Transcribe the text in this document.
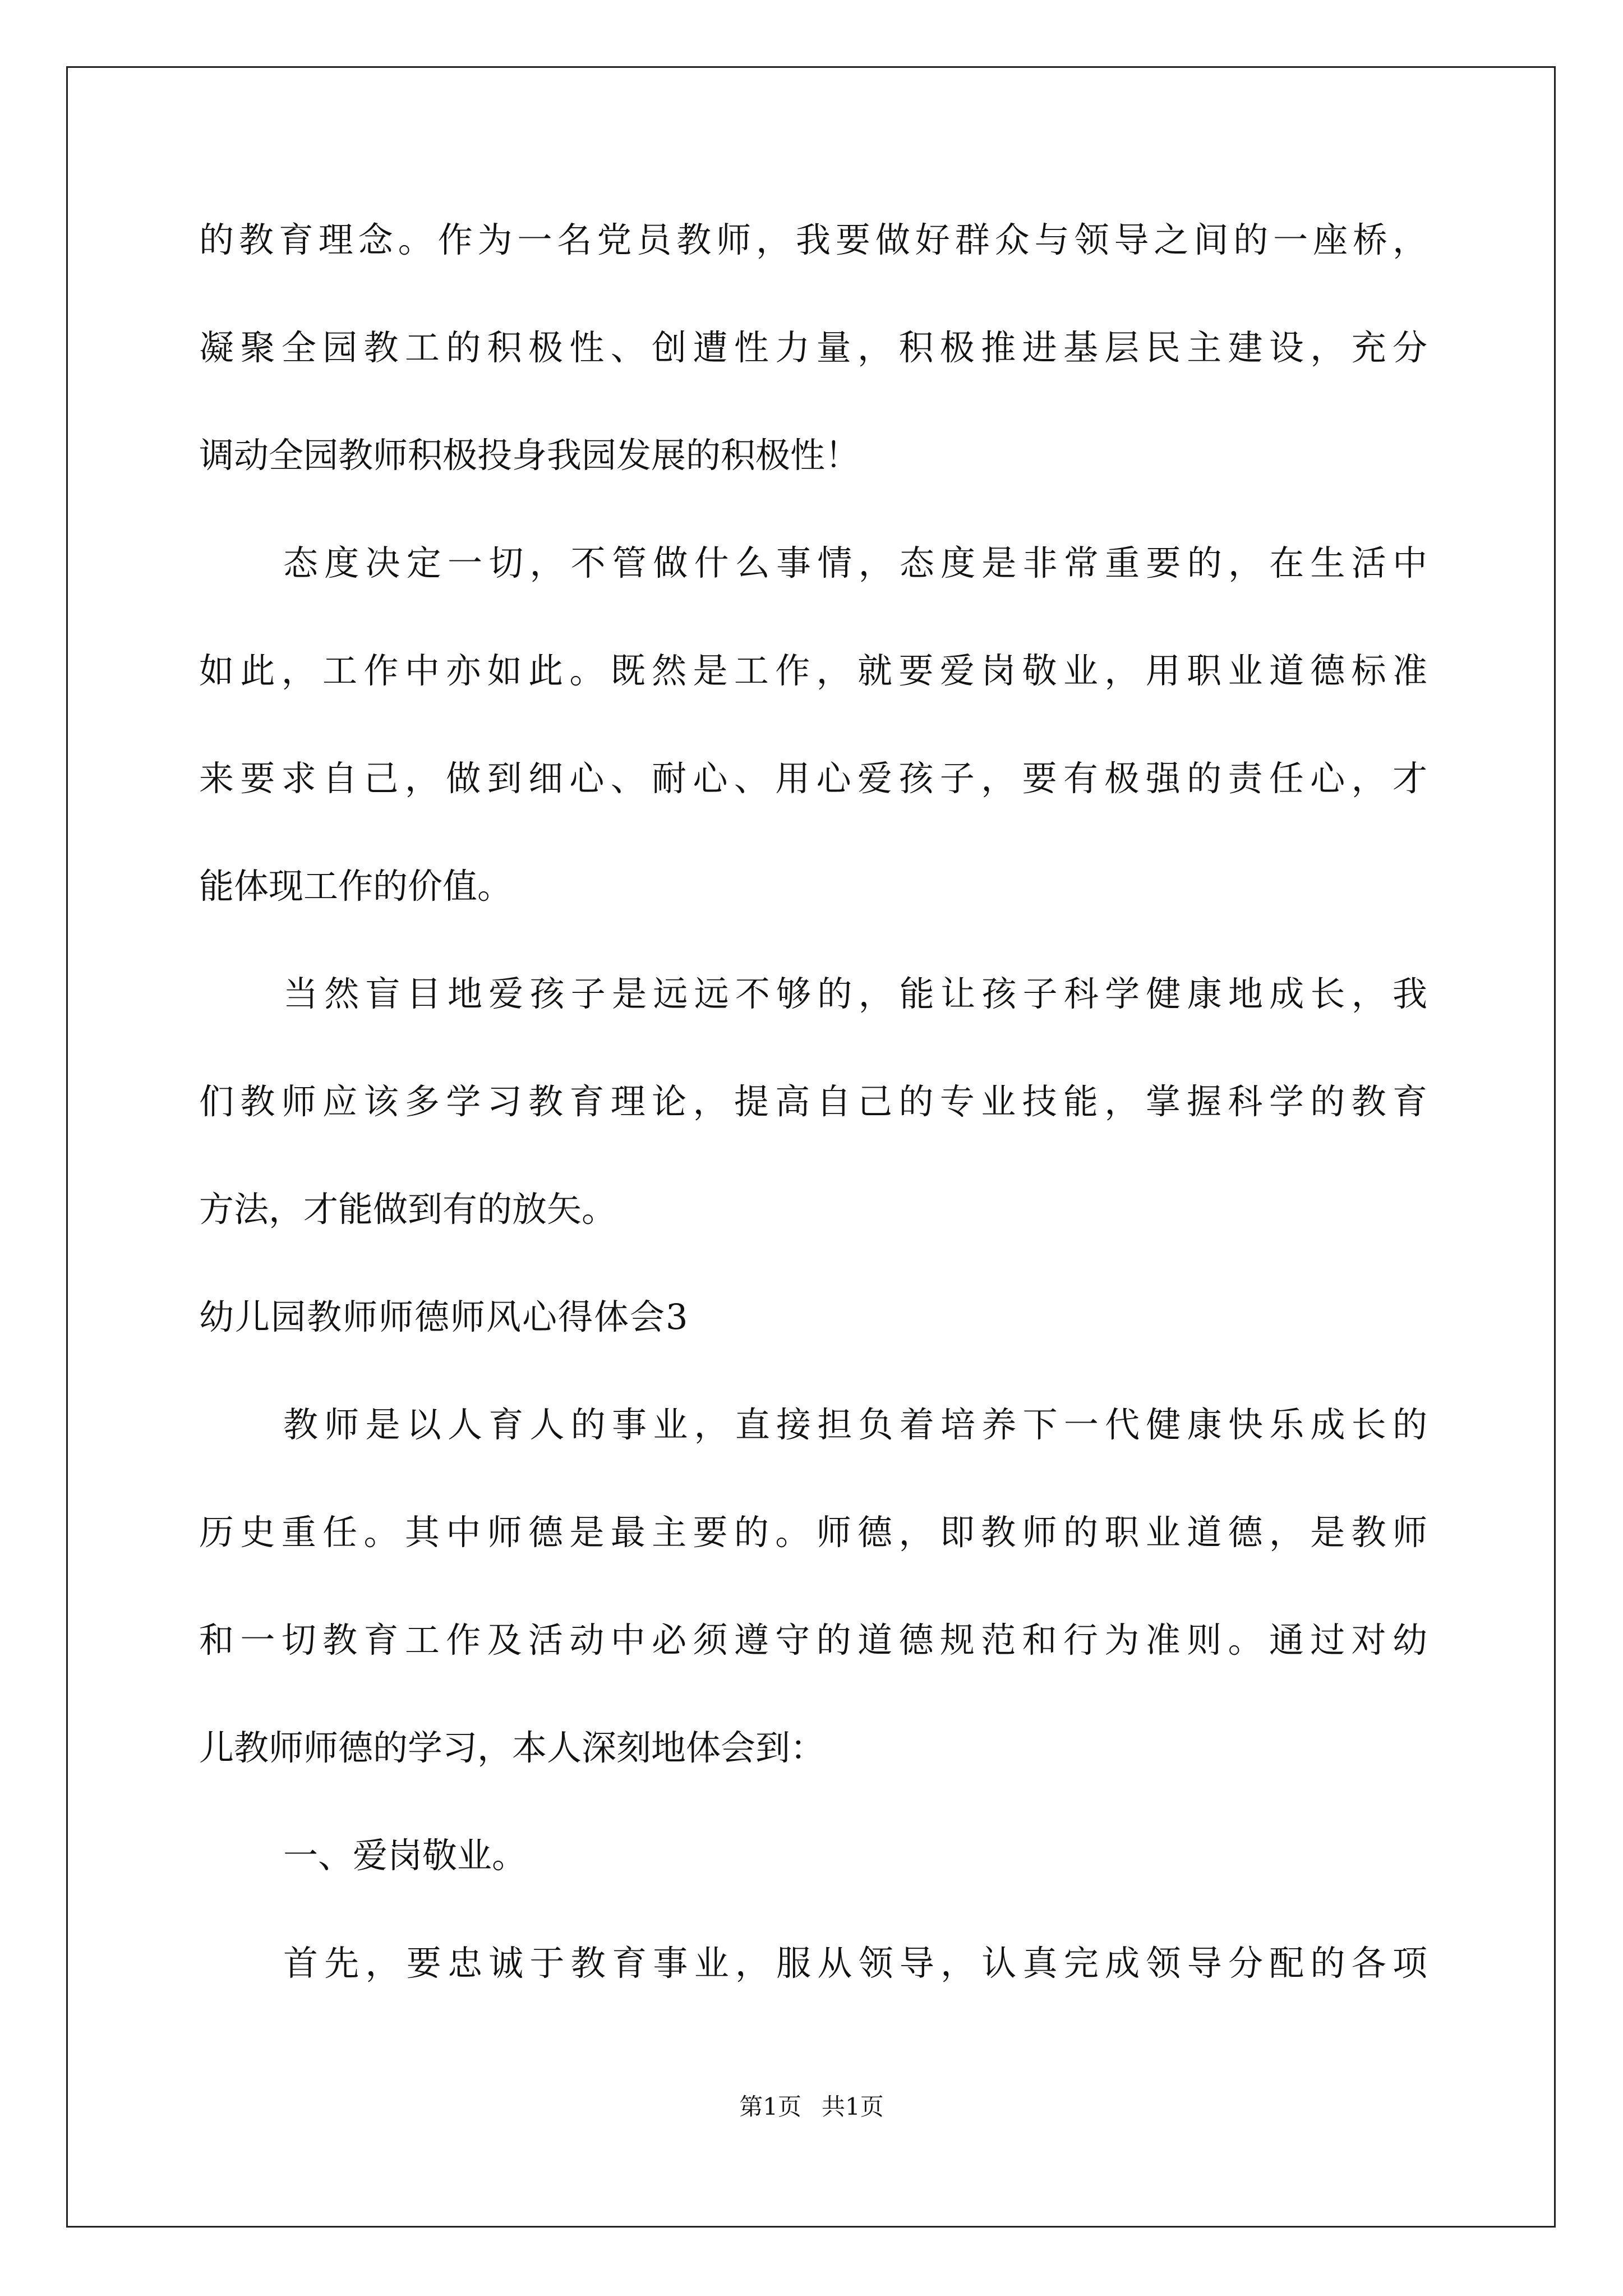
的教育理念。作为一名党员教师，我要做好群众与领导之间的一座桥，
凝聚全园教工的积极性、创遭性力量，积极推进基层民主建设，充分
调动全园教师积极投身我园发展的积极性！
态度决定一切，不管做什么事情，态度是非常重要的，在生活中
如此，工作中亦如此。既然是工作，就要爱岗敬业，用职业道德标准
来要求自己，做到细心、耐心、用心爱孩子，要有极强的责任心，才
能体现工作的价值。
当然盲目地爱孩子是远远不够的，能让孩子科学健康地成长，我
们教师应该多学习教育理论，提高自己的专业技能，掌握科学的教育
方法，才能做到有的放矢。
幼儿园教师师德师风心得体会3
教师是以人育人的事业，直接担负着培养下一代健康快乐成长的
历史重任。其中师德是最主要的。师德，即教师的职业道德，是教师
和一切教育工作及活动中必须遵守的道德规范和行为准则。通过对幼
儿教师师德的学习，本人深刻地体会到：
一、爱岗敬业。
首先，要忠诚于教育事业，服从领导，认真完成领导分配的各项
第1页 共1页
